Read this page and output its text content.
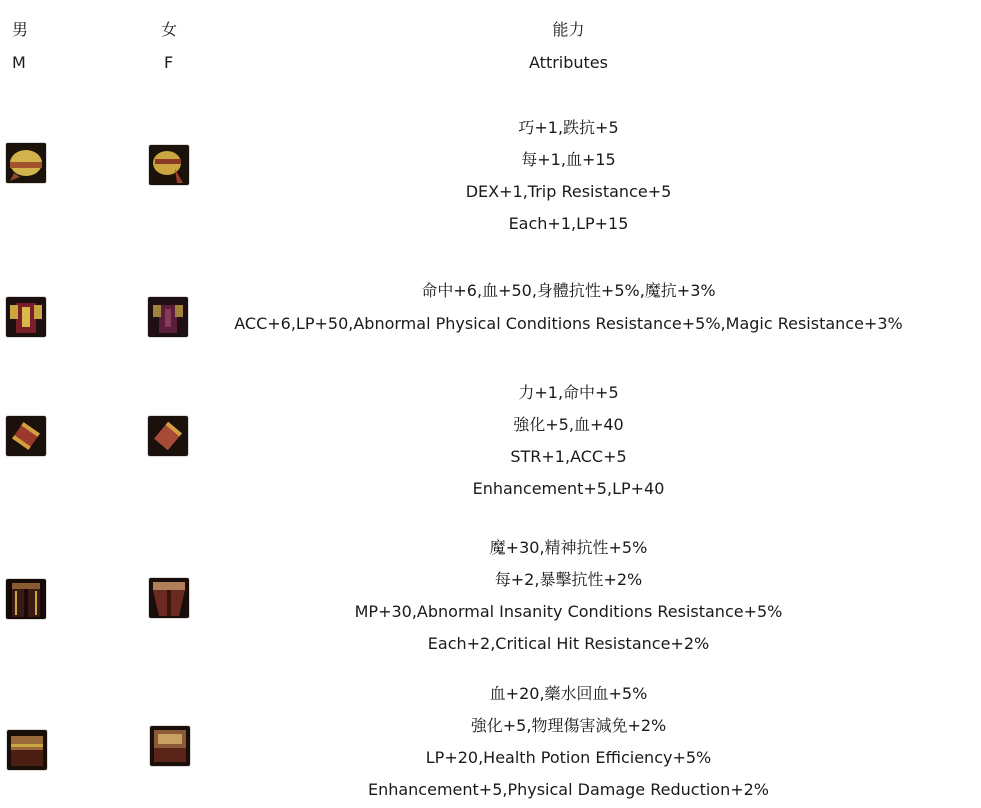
男
M
女
F
能力
Attributes
巧+1,跌抗+5
每+1,血+15
DEX+1,Trip Resistance+5
Each+1,LP+15
命中+6,血+50,身體抗性+5%,魔抗+3%
ACC+6,LP+50,Abnormal Physical Conditions Resistance+5%,Magic Resistance+3%
力+1,命中+5
強化+5,血+40
STR+1,ACC+5
Enhancement+5,LP+40
魔+30,精神抗性+5%
每+2,暴擊抗性+2%
MP+30,Abnormal Insanity Conditions Resistance+5%
Each+2,Critical Hit Resistance+2%
血+20,藥水回血+5%
強化+5,物理傷害減免+2%
LP+20,Health Potion Efficiency+5%
Enhancement+5,Physical Damage Reduction+2%
